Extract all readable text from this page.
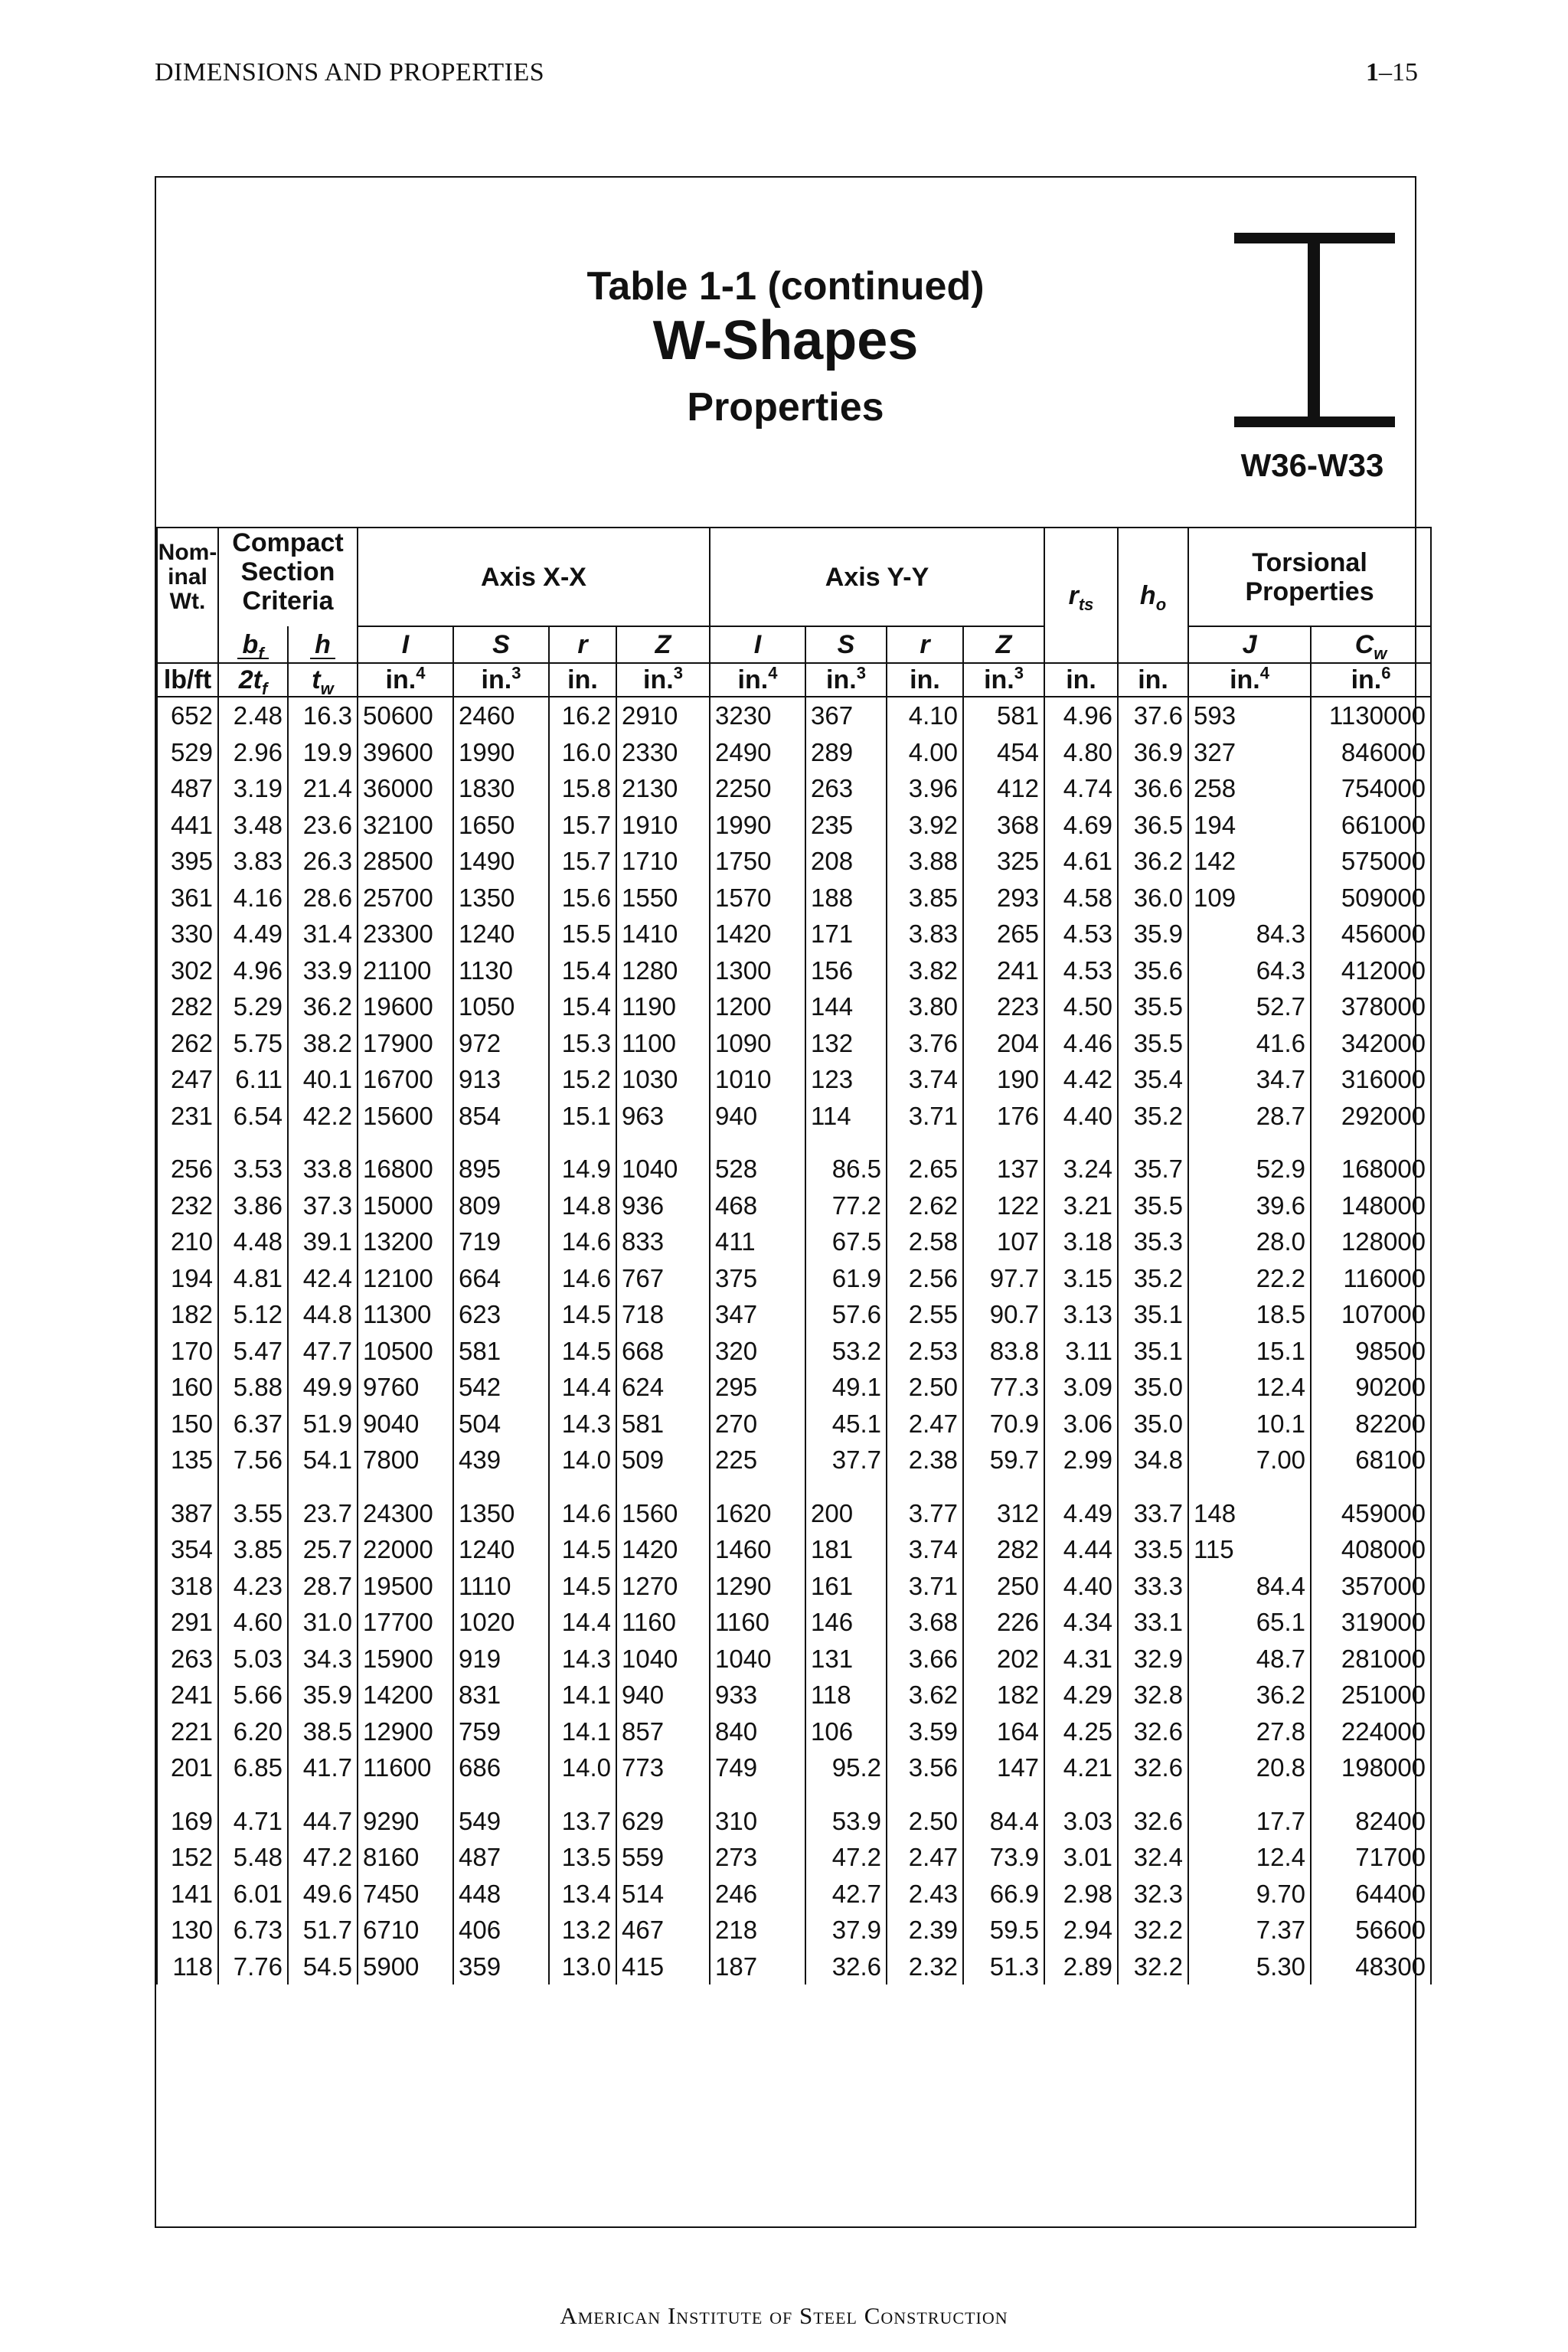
DIMENSIONS AND PROPERTIES	1–15
Table 1-1 (continued)
W-Shapes
Properties
W36-W33
Nom-
inal
Wt.	Compact
Section
Criteria		Axis X-X				Axis Y-Y				$r_{ts}$	$h_o$	Torsional
Properties	

	$b_f$	h	I	S	r	Z	I	S	r	Z			J	$C_w$

lb/ft	$2t_f$	$t_w$	in.$^4$	in.$^3$	in.	in.$^3$	in.$^4$	in.$^3$	in.	in.$^3$	in.	in.	in.$^4$	in.$^6$
652	2.48	16.3	50600	2460	16.2	2910	3230	367	4.10	581	4.96	37.6	593	1130000
529	2.96	19.9	39600	1990	16.0	2330	2490	289	4.00	454	4.80	36.9	327	846000
487	3.19	21.4	36000	1830	15.8	2130	2250	263	3.96	412	4.74	36.6	258	754000
441	3.48	23.6	32100	1650	15.7	1910	1990	235	3.92	368	4.69	36.5	194	661000
395	3.83	26.3	28500	1490	15.7	1710	1750	208	3.88	325	4.61	36.2	142	575000
361	4.16	28.6	25700	1350	15.6	1550	1570	188	3.85	293	4.58	36.0	109	509000
330	4.49	31.4	23300	1240	15.5	1410	1420	171	3.83	265	4.53	35.9	84.3	456000
302	4.96	33.9	21100	1130	15.4	1280	1300	156	3.82	241	4.53	35.6	64.3	412000
282	5.29	36.2	19600	1050	15.4	1190	1200	144	3.80	223	4.50	35.5	52.7	378000
262	5.75	38.2	17900	972	15.3	1100	1090	132	3.76	204	4.46	35.5	41.6	342000
247	6.11	40.1	16700	913	15.2	1030	1010	123	3.74	190	4.42	35.4	34.7	316000
231	6.54	42.2	15600	854	15.1	963	940	114	3.71	176	4.40	35.2	28.7	292000

256	3.53	33.8	16800	895	14.9	1040	528	86.5	2.65	137	3.24	35.7	52.9	168000
232	3.86	37.3	15000	809	14.8	936	468	77.2	2.62	122	3.21	35.5	39.6	148000
210	4.48	39.1	13200	719	14.6	833	411	67.5	2.58	107	3.18	35.3	28.0	128000
194	4.81	42.4	12100	664	14.6	767	375	61.9	2.56	97.7	3.15	35.2	22.2	116000
182	5.12	44.8	11300	623	14.5	718	347	57.6	2.55	90.7	3.13	35.1	18.5	107000
170	5.47	47.7	10500	581	14.5	668	320	53.2	2.53	83.8	3.11	35.1	15.1	98500
160	5.88	49.9	9760	542	14.4	624	295	49.1	2.50	77.3	3.09	35.0	12.4	90200
150	6.37	51.9	9040	504	14.3	581	270	45.1	2.47	70.9	3.06	35.0	10.1	82200
135	7.56	54.1	7800	439	14.0	509	225	37.7	2.38	59.7	2.99	34.8	7.00	68100

387	3.55	23.7	24300	1350	14.6	1560	1620	200	3.77	312	4.49	33.7	148	459000
354	3.85	25.7	22000	1240	14.5	1420	1460	181	3.74	282	4.44	33.5	115	408000
318	4.23	28.7	19500	1110	14.5	1270	1290	161	3.71	250	4.40	33.3	84.4	357000
291	4.60	31.0	17700	1020	14.4	1160	1160	146	3.68	226	4.34	33.1	65.1	319000
263	5.03	34.3	15900	919	14.3	1040	1040	131	3.66	202	4.31	32.9	48.7	281000
241	5.66	35.9	14200	831	14.1	940	933	118	3.62	182	4.29	32.8	36.2	251000
221	6.20	38.5	12900	759	14.1	857	840	106	3.59	164	4.25	32.6	27.8	224000
201	6.85	41.7	11600	686	14.0	773	749	95.2	3.56	147	4.21	32.6	20.8	198000

169	4.71	44.7	9290	549	13.7	629	310	53.9	2.50	84.4	3.03	32.6	17.7	82400
152	5.48	47.2	8160	487	13.5	559	273	47.2	2.47	73.9	3.01	32.4	12.4	71700
141	6.01	49.6	7450	448	13.4	514	246	42.7	2.43	66.9	2.98	32.3	9.70	64400
130	6.73	51.7	6710	406	13.2	467	218	37.9	2.39	59.5	2.94	32.2	7.37	56600
118	7.76	54.5	5900	359	13.0	415	187	32.6	2.32	51.3	2.89	32.2	5.30	48300
American Institute of Steel Construction
